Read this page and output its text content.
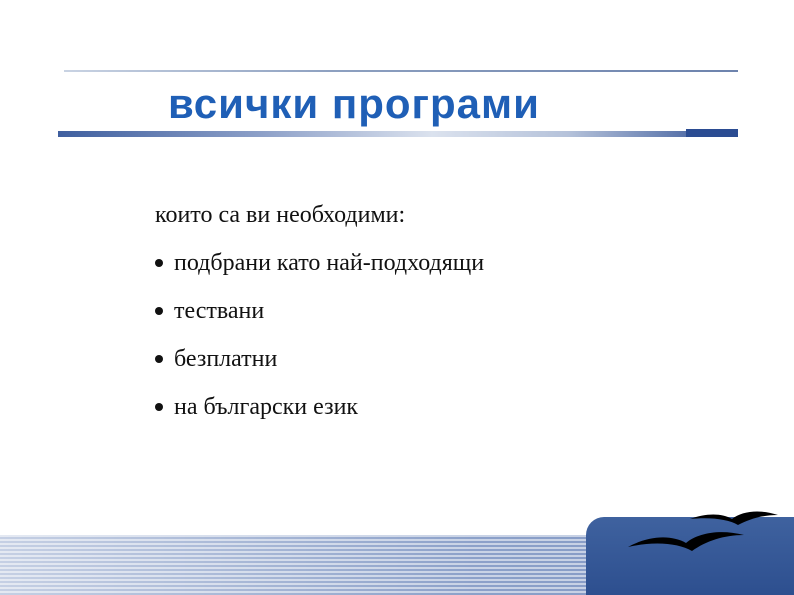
всички програми
които са ви необходими:
подбрани като най-подходящи
тествани
безплатни
на български език
